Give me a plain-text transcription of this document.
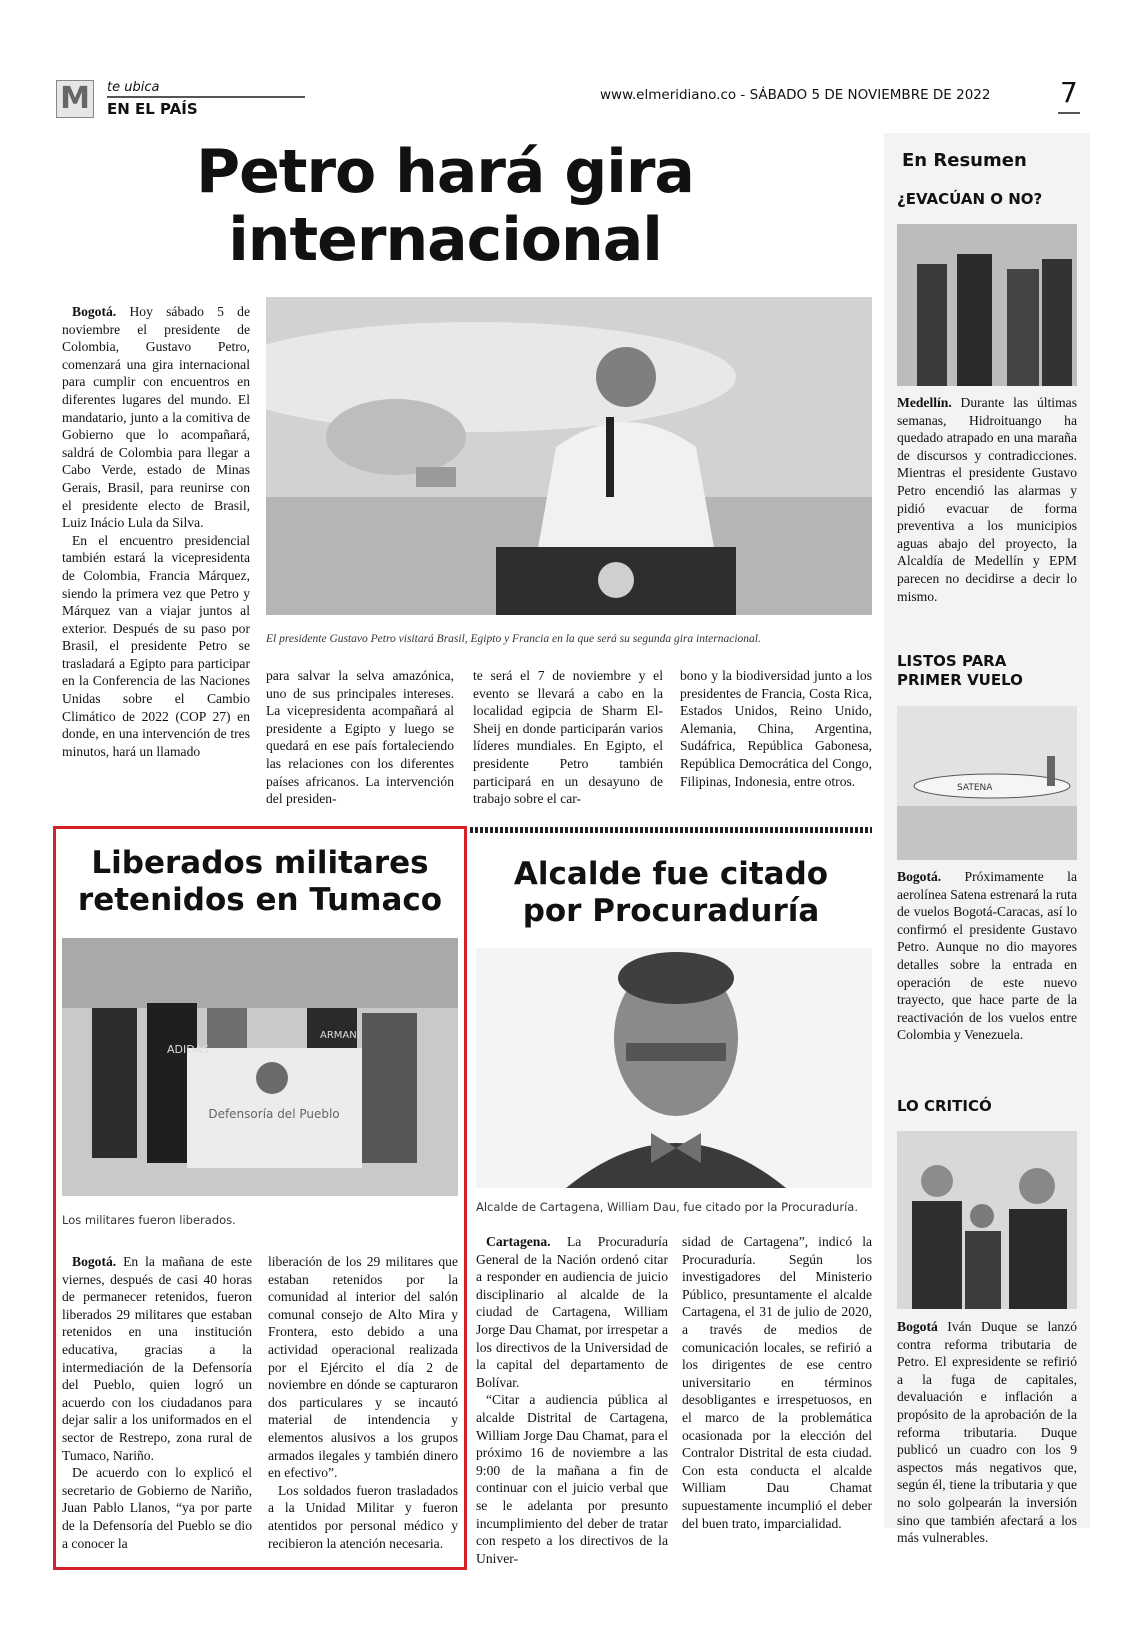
M	te ubica
EN EL PAÍS
www.elmeridiano.co - SÁBADO 5 DE NOVIEMBRE DE 2022 7
Petro hará gira
internacional

Bogotá. Hoy sábado 5 de noviembre el presidente de Colombia, Gustavo Petro, comenzará una gira internacional para cumplir con encuentros en diferentes lugares del mundo. El mandatario, junto a la comitiva de Gobierno que lo acompañará, saldrá de Colombia para llegar a Cabo Verde, estado de Minas Gerais, Brasil, para reunirse con el presidente electo de Brasil, Luiz Inácio Lula da Silva.

En el encuentro presidencial también estará la vicepresidenta de Colombia, Francia Márquez, siendo la primera vez que Petro y Márquez van a viajar juntos al exterior. Después de su paso por Brasil, el presidente Petro se trasladará a Egipto para participar en la Conferencia de las Naciones Unidas sobre el Cambio Climático de 2022 (COP 27) en donde, en una intervención de tres minutos, hará un llamado

El presidente Gustavo Petro visitará Brasil, Egipto y Francia en la que será su segunda gira internacional.

para salvar la selva amazónica, uno de sus principales intereses. La vicepresidenta acompañará al presidente a Egipto y luego se quedará en ese país fortaleciendo las relaciones con los diferentes países africanos. La intervención del presiden-

te será el 7 de noviembre y el evento se llevará a cabo en la localidad egipcia de Sharm El-Sheij en donde participarán varios líderes mundiales. En Egipto, el presidente Petro también participará en un desayuno de trabajo sobre el car-

bono y la biodiversidad junto a los presidentes de Francia, Costa Rica, Estados Unidos, Reino Unido, Alemania, China, Argentina, Sudáfrica, República Gabonesa, República Democrática del Congo, Filipinas, Indonesia, entre otros.

Liberados militares
retenidos en Tumaco
Defensoría del Pueblo
ADIDAS
ARMANI
Los militares fueron liberados.

Bogotá. En la mañana de este viernes, después de casi 40 horas de permanecer retenidos, fueron liberados 29 militares que estaban retenidos en una institución educativa, gracias a la intermediación de la Defensoría del Pueblo, quien logró un acuerdo con los ciudadanos para dejar salir a los uniformados en el sector de Restrepo, zona rural de Tumaco, Nariño.

De acuerdo con lo explicó el secretario de Gobierno de Nariño, Juan Pablo Llanos, “ya por parte de la Defensoría del Pueblo se dio a conocer la

liberación de los 29 militares que estaban retenidos por la comunidad al interior del salón comunal consejo de Alto Mira y Frontera, esto debido a una actividad operacional realizada por el Ejército el día 2 de noviembre en dónde se capturaron dos particulares y se incautó material de intendencia y elementos alusivos a los grupos armados ilegales y también dinero en efectivo”.

Los soldados fueron trasladados a la Unidad Militar y fueron atentidos por personal médico y recibieron la atención necesaria.

Alcalde fue citado
por Procuraduría
Alcalde de Cartagena, William Dau, fue citado por la Procuraduría.

Cartagena. La Procuraduría General de la Nación ordenó citar a responder en audiencia de juicio disciplinario al alcalde de la ciudad de Cartagena, William Jorge Dau Chamat, por irrespetar a los directivos de la Universidad de la capital del departamento de Bolívar.

“Citar a audiencia pública al alcalde Distrital de Cartagena, William Jorge Dau Chamat, para el próximo 16 de noviembre a las 9:00 de la mañana a fin de continuar con el juicio verbal que se le adelanta por presunto incumplimiento del deber de tratar con respeto a los directivos de la Univer-

sidad de Cartagena”, indicó la Procuraduría. Según los investigadores del Ministerio Público, presuntamente el alcalde Cartagena, el 31 de julio de 2020, a través de medios de comunicación locales, se refirió a los dirigentes de ese centro universitario en términos desobligantes e irrespetuosos, en el marco de la problemática ocasionada por la elección del Contralor Distrital de esta ciudad. Con esta conducta el alcalde William Dau Chamat supuestamente incumplió el deber del buen trato, imparcialidad.

En Resumen
¿EVACÚAN O NO?

Medellín. Durante las últimas semanas, Hidroituango ha quedado atrapado en una maraña de discursos y contradicciones. Mientras el presidente Gustavo Petro encendió las alarmas y pidió evacuar de forma preventiva a los municipios aguas abajo del proyecto, la Alcaldía de Medellín y EPM parecen no decidirse a decir lo mismo.

LISTOS PARA
PRIMER VUELO
SATENA

Bogotá. Próximamente la aerolínea Satena estrenará la ruta de vuelos Bogotá-Caracas, así lo confirmó el presidente Gustavo Petro. Aunque no dio mayores detalles sobre la entrada en operación de este nuevo trayecto, que hace parte de la reactivación de los vuelos entre Colombia y Venezuela.

LO CRITICÓ

Bogotá Iván Duque se lanzó contra reforma tributaria de Petro. El expresidente se refirió a la fuga de capitales, devaluación e inflación a propósito de la aprobación de la reforma tributaria. Duque publicó un cuadro con los 9 aspectos más negativos que, según él, tiene la tributaria y que no solo golpearán la inversión sino que también afectará a los más vulnerables.
